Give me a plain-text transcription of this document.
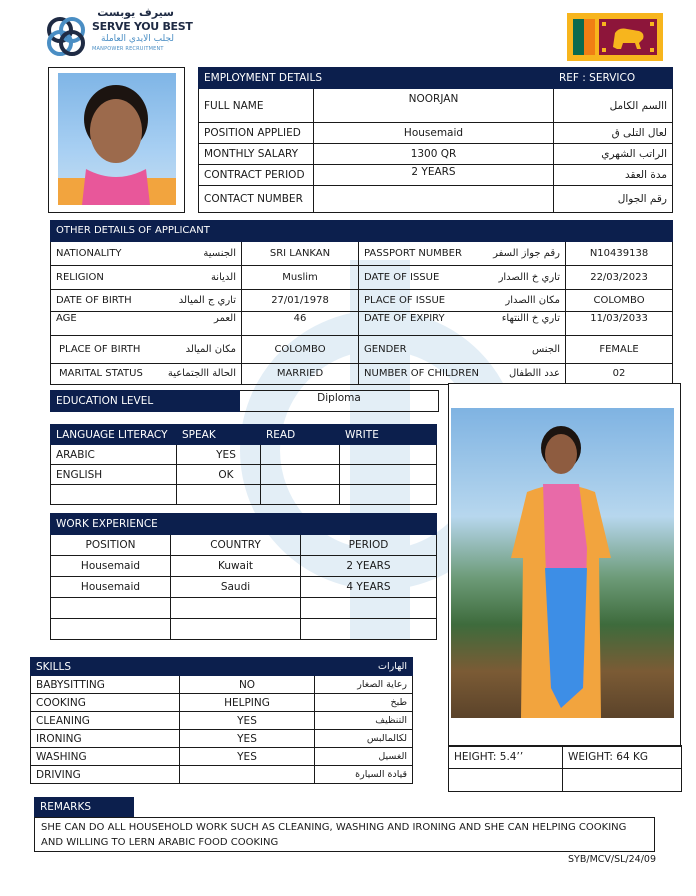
سيرف يوبست
SERVE YOU BEST
لجلب الايدي العاملة
MANPOWER RECRUITMENT
EMPLOYMENT DETAILS		REF : SERVICO
FULL NAME	NOORJAN	االسم الكامل
POSITION APPLIED	Housemaid	لعال التلى ق
MONTHLY SALARY	1300 QR	الراتب الشهري
CONTRACT PERIOD	2 YEARS	مدة العقد
CONTACT NUMBER		رقم الجوال
OTHER DETAILS OF APPLICANT					
NATIONALITY	الجنسية	SRI LANKAN	PASSPORT NUMBER	رقم جواز السفر	N10439138
RELIGION	الديانة	Muslim	DATE OF ISSUE	تاري خ االصدار	22/03/2023
DATE OF BIRTH	تاري ج الميالد	27/01/1978	PLACE OF ISSUE	مكان االصدار	COLOMBO
AGE	العمر	46	DATE OF EXPIRY	تاري خ االنتهاء	11/03/2033
PLACE OF BIRTH	مكان الميالد	COLOMBO	GENDER	الجنس	FEMALE
MARITAL STATUS	الحالة االجتماعية	MARRIED	NUMBER OF CHILDREN	عدد االطفال	02
EDUCATION LEVEL	Diploma
LANGUAGE LITERACY	SPEAK	READ	WRITE
ARABIC	YES		
ENGLISH	OK		

WORK EXPERIENCE		
POSITION	COUNTRY	PERIOD
Housemaid	Kuwait	2 YEARS
Housemaid	Saudi	4 YEARS

SKILLS		الهارات
BABYSITTING	NO	رعاية الصغار
COOKING	HELPING	طبخ
CLEANING	YES	التنظيف
IRONING	YES	لكالمالبس
WASHING	YES	الغسيل
DRIVING		قيادة السيارة
HEIGHT: 5.4’’	WEIGHT: 64 KG

REMARKS
SHE CAN DO ALL HOUSEHOLD WORK SUCH AS CLEANING, WASHING AND IRONING AND SHE CAN HELPING COOKING AND WILLING TO LERN ARABIC FOOD COOKING
SYB/MCV/SL/24/09
